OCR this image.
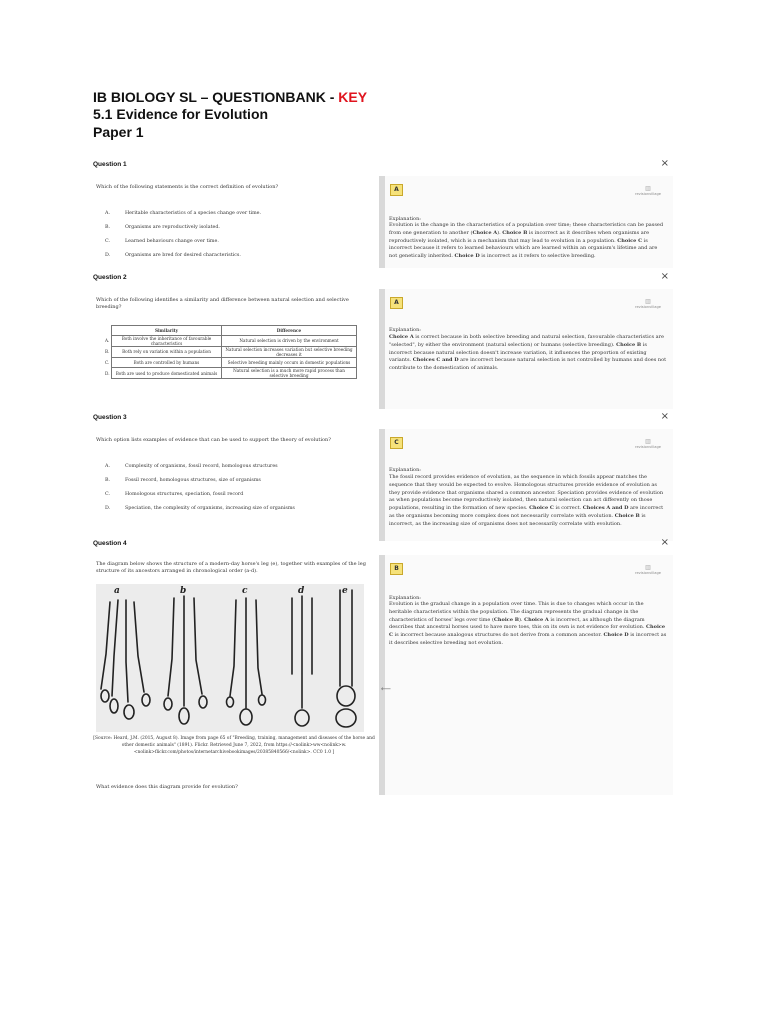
IB BIOLOGY SL – QUESTIONBANK - KEY
5.1 Evidence for Evolution
Paper 1
Question 1	×
Which of the following statements is the correct definition of evolution?
A.	Heritable characteristics of a species change over time.
B.	Organisms are reproductively isolated.
C.	Learned behaviours change over time.
D.	Organisms are bred for desired characteristics.
A	▥
revisionvillage
Explanation:
Evolution is the change in the characteristics of a population over time; these characteristics can be passed from one generation to another (Choice A). Choice B is incorrect as it describes when organisms are reproductively isolated, which is a mechanism that may lead to evolution in a population. Choice C is incorrect because it refers to learned behaviours which are learned within an organism's lifetime and are not genetically inherited. Choice D is incorrect as it refers to selective breeding.
Question 2	×
Which of the following identifies a similarity and difference between natural selection and selective breeding?
	Similarity	Difference
A.	Both involve the inheritance of favourable characteristics	Natural selection is driven by the environment
B.	Both rely on variation within a population	Natural selection increases variation but selective breeding decreases it
C.	Both are controlled by humans	Selective breeding mainly occurs in domestic populations
D.	Both are used to produce domesticated animals	Natural selection is a much more rapid process than selective breeding
A	▥
revisionvillage
Explanation:
Choice A is correct because in both selective breeding and natural selection, favourable characteristics are "selected", by either the environment (natural selection) or humans (selective breeding). Choice B is incorrect because natural selection doesn't increase variation, it influences the proportion of existing variants. Choices C and D are incorrect because natural selection is not controlled by humans and does not contribute to the domestication of animals.
Question 3	×
Which option lists examples of evidence that can be used to support the theory of evolution?
A.	Complexity of organisms, fossil record, homologous structures
B.	Fossil record, homologous structures, size of organisms
C.	Homologous structures, speciation, fossil record
D.	Speciation, the complexity of organisms, increasing size of organisms
C	▥
revisionvillage
Explanation:
The fossil record provides evidence of evolution, as the sequence in which fossils appear matches the sequence that they would be expected to evolve. Homologous structures provide evidence of evolution as they provide evidence that organisms shared a common ancestor. Speciation provides evidence of evolution as when populations become reproductively isolated, then natural selection can act differently on those populations, resulting in the formation of new species. Choice C is correct. Choices A and D are incorrect as the organisms becoming more complex does not necessarily correlate with evolution. Choice B is incorrect, as the increasing size of organisms does not necessarily correlate with evolution.
Question 4	×
The diagram below shows the structure of a modern-day horse's leg (e), together with examples of the leg structure of its ancestors arranged in chronological order (a-d).
a	b	c	d	e
[Source: Heard, J.M. (2015, August 8). Image from page 65 of "Breeding, training, management and diseases of the horse and other domestic animals" (1891). Flickr. Retrieved June 7, 2022, from https://<nolink>ww<nolink>w.<nolink>flickr.com/photos/internetarchivebookimages/20385840566/<nolink>. CC0 1.0 ]
What evidence does this diagram provide for evolution?
B	▥
revisionvillage
Explanation:
Evolution is the gradual change in a population over time. This is due to changes which occur in the heritable characteristics within the population. The diagram represents the gradual change in the characteristics of horses' legs over time (Choice B). Choice A is incorrect, as although the diagram describes that ancestral horses used to have more toes, this on its own is not evidence for evolution. Choice C is incorrect because analogous structures do not derive from a common ancestor. Choice D is incorrect as it describes selective breeding not evolution.
⟵
